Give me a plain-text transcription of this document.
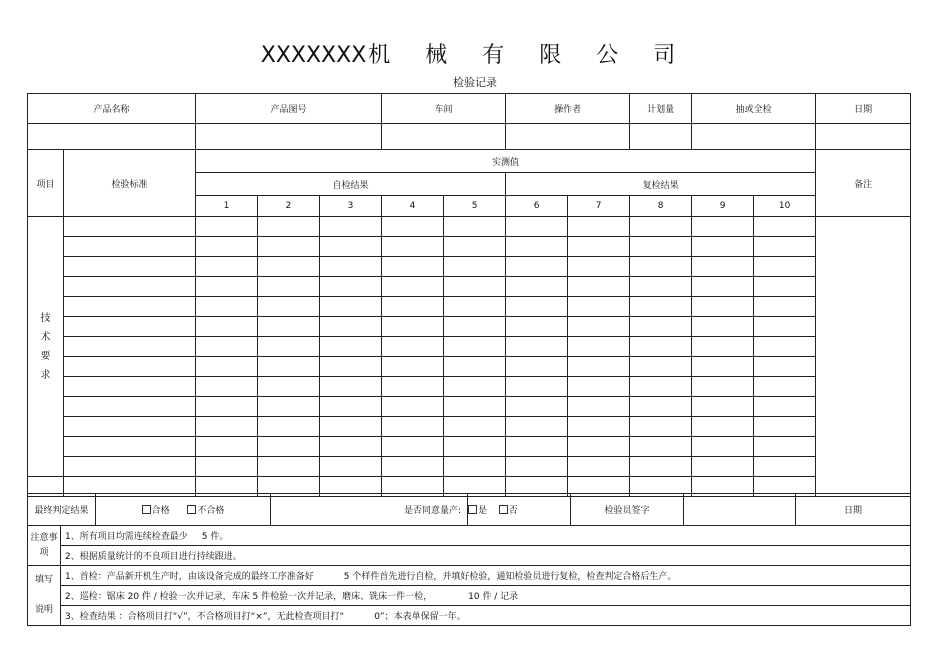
XXXXXXX机 械 有 限 公 司
检验记录
产品名称		产品图号			车间		操作者		计划量	抽或全检		日期

项目	检验标准	实测值										备注
		自检结果					复检结果					
		1	2	3	4	5	6	7	8	9	10	
技
术
要
求												

最终判定结果		合格 不合格	是否同意量产:	是 否	检验员签字		日期
注意事
项	1、所有项目均需连续检查最少 5 件。						
	2、根据质量统计的不良项目进行持续跟进。						
填写

说明	1、首检：产品新开机生产时，由该设备完成的最终工序准备好 5 个样件首先进行自检，并填好检验，通知检验员进行复检，检查判定合格后生产。						
	2、巡检：锯床 20 件 / 检验一次并记录，车床 5 件检验一次并记录，磨床、铣床一件一检， 10 件 / 记录						
	3、检查结果 ：合格项目打“√”，不合格项目打“×”，无此检查项目打“ 0”；本表单保留一年。						
